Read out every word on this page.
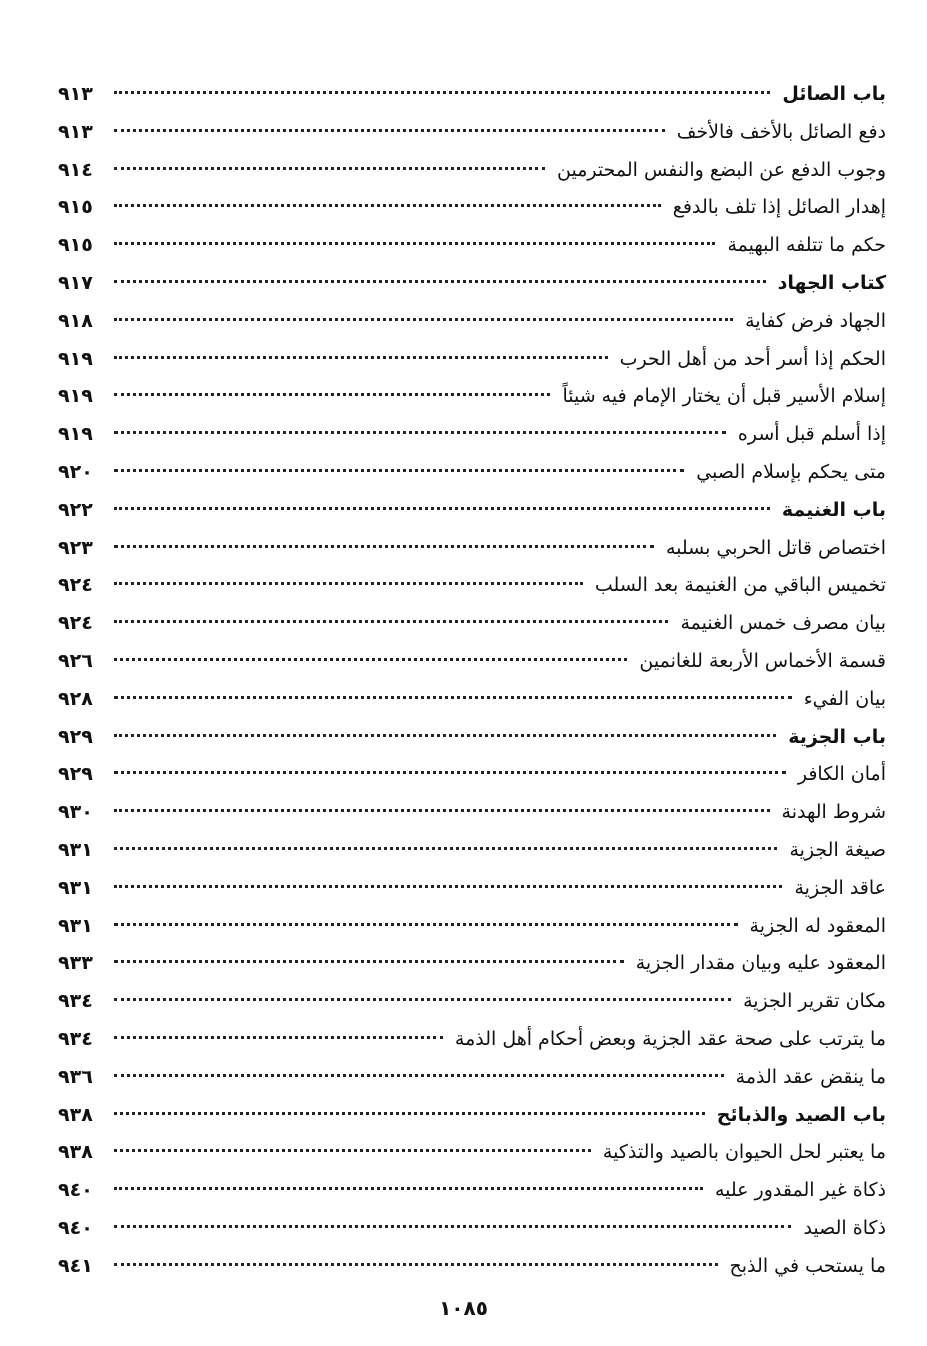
باب الصائل
٩١٣
دفع الصائل بالأخف فالأخف
٩١٣
وجوب الدفع عن البضع والنفس المحترمين
٩١٤
إهدار الصائل إذا تلف بالدفع
٩١٥
حكم ما تتلفه البهيمة
٩١٥
كتاب الجهاد
٩١٧
الجهاد فرض كفاية
٩١٨
الحكم إذا أسر أحد من أهل الحرب
٩١٩
إسلام الأسير قبل أن يختار الإمام فيه شيئاً
٩١٩
إذا أسلم قبل أسره
٩١٩
متى يحكم بإسلام الصبي
٩٢٠
باب الغنيمة
٩٢٢
اختصاص قاتل الحربي بسلبه
٩٢٣
تخميس الباقي من الغنيمة بعد السلب
٩٢٤
بيان مصرف خمس الغنيمة
٩٢٤
قسمة الأخماس الأربعة للغانمين
٩٢٦
بيان الفيء
٩٢٨
باب الجزية
٩٢٩
أمان الكافر
٩٢٩
شروط الهدنة
٩٣٠
صيغة الجزية
٩٣١
عاقد الجزية
٩٣١
المعقود له الجزية
٩٣١
المعقود عليه وبيان مقدار الجزية
٩٣٣
مكان تقرير الجزية
٩٣٤
ما يترتب على صحة عقد الجزية وبعض أحكام أهل الذمة
٩٣٤
ما ينقض عقد الذمة
٩٣٦
باب الصيد والذبائح
٩٣٨
ما يعتبر لحل الحيوان بالصيد والتذكية
٩٣٨
ذكاة غير المقدور عليه
٩٤٠
ذكاة الصيد
٩٤٠
ما يستحب في الذبح
٩٤١
١٠٨٥
